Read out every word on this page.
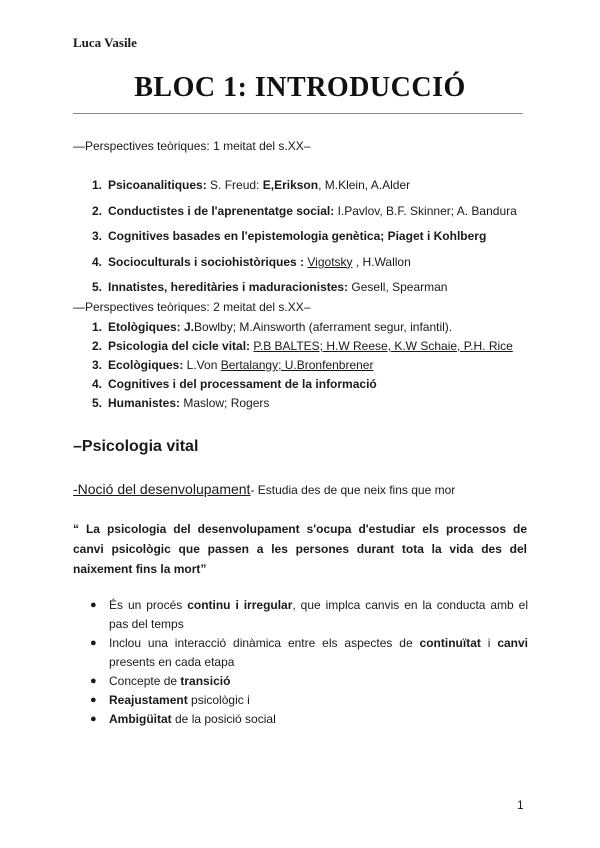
Luca Vasile
BLOC 1: INTRODUCCIÓ
—Perspectives teòriques: 1 meitat del s.XX–
1. Psicoanalitiques: S. Freud: E,Erikson, M.Klein, A.Alder
2. Conductistes i de l'aprenentatge social: I.Pavlov, B.F. Skinner; A. Bandura
3. Cognitives basades en l'epistemologia genètica; Piaget i Kohlberg
4. Socioculturals i sociohistòriques : Vigotsky , H.Wallon
5. Innatistes, hereditàries i maduracionistes: Gesell, Spearman
—Perspectives teòriques: 2 meitat del s.XX–
1. Etològiques: J.Bowlby; M.Ainsworth (aferrament segur, infantil).
2. Psicologia del cicle vital: P.B BALTES; H.W Reese, K.W Schaie, P.H. Rice
3. Ecològiques: L.Von Bertalangy; U.Bronfenbrener
4. Cognitives i del processament de la informació
5. Humanistes: Maslow; Rogers
–Psicologia vital
-Noció del desenvolupament- Estudia des de que neix fins que mor
“ La psicologia del desenvolupament s'ocupa d'estudiar els processos de canvi psicològic que passen a les persones durant tota la vida des del naixement fins la mort”
● És un procés continu i irregular, que implca canvis en la conducta amb el pas del temps
● Inclou una interacció dinàmica entre els aspectes de continuïtat i canvi presents en cada etapa
● Concepte de transició
● Reajustament psicològic i
● Ambigüitat de la posició social
1
